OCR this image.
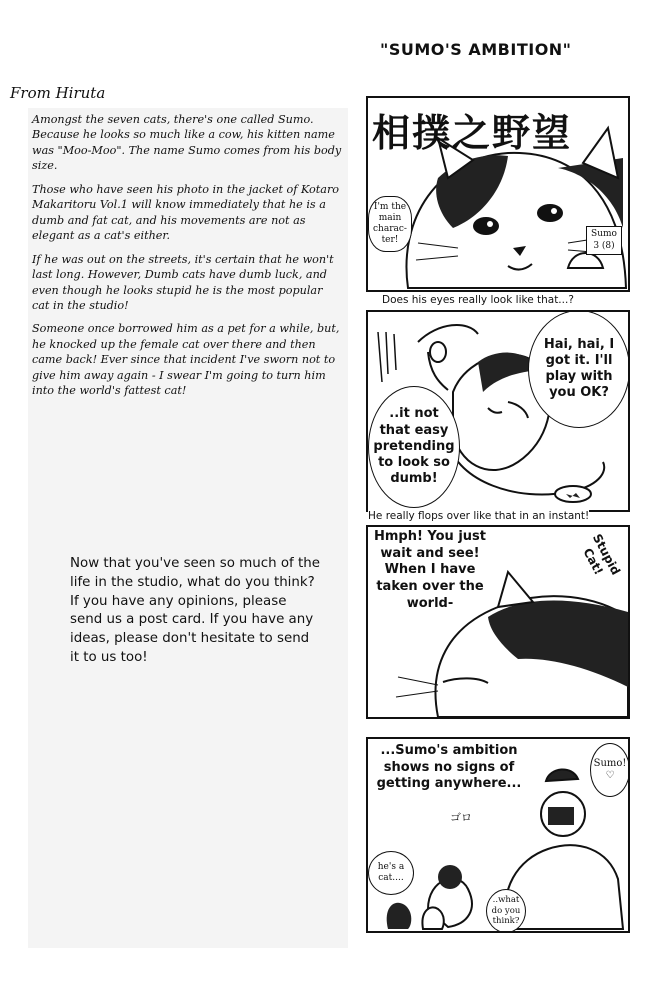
"SUMO'S AMBITION"
From Hiruta

Amongst the seven cats, there's one called Sumo. Because he looks so much like a cow, his kitten name was "Moo-Moo". The name Sumo comes from his body size.

Those who have seen his photo in the jacket of Kotaro Makaritoru Vol.1 will know immediately that he is a dumb and fat cat, and his movements are not as elegant as a cat's either.

If he was out on the streets, it's certain that he won't last long. However, Dumb cats have dumb luck, and even though he looks stupid he is the most popular cat in the studio!

Someone once borrowed him as a pet for a while, but, he knocked up the female cat over there and then came back! Ever since that incident I've sworn not to give him away again - I swear I'm going to turn him into the world's fattest cat!

Now that you've seen so much of the life in the studio, what do you think? If you have any opinions, please send us a post card. If you have any ideas, please don't hesitate to send it to us too!
相撲之野望
I'm the main charac-ter!
Sumo 3 (8)
Does his eyes really look like that...?
Hai, hai, I got it. I'll play with you OK?
..it not that easy pretending to look so dumb!
He really flops over like that in an instant!
Hmph! You just wait and see! When I have taken over the world-
Stupid Cat!
...Sumo's ambition shows no signs of getting anywhere...
Sumo! ♡
he's a cat....
..what do you think?
ゴロ
